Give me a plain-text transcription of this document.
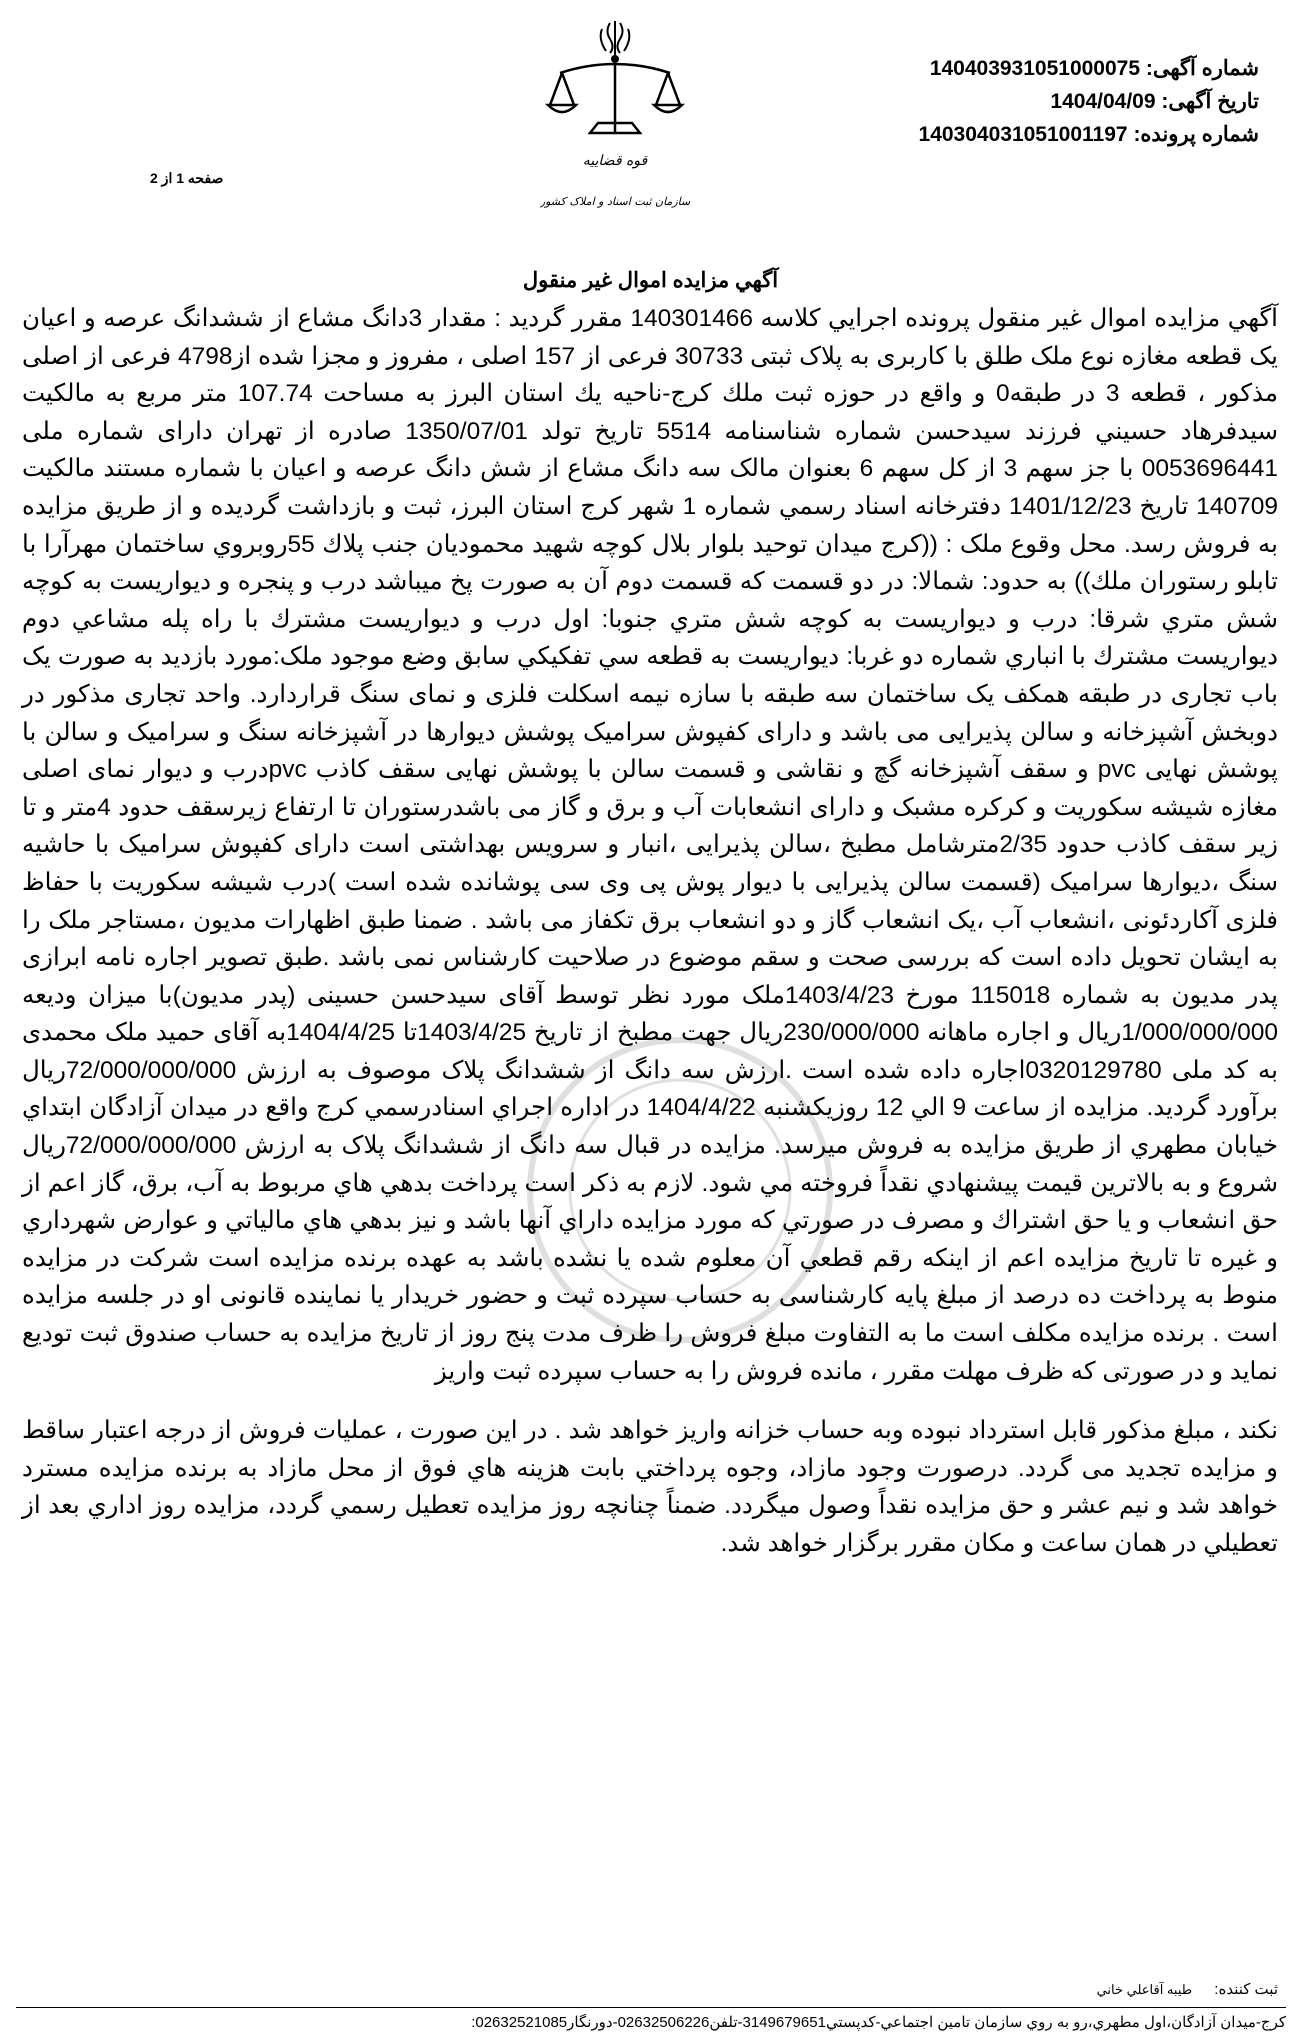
شماره آگهی: 140403931051000075
تاریخ آگهی: 1404/04/09
شماره پرونده: 140304031051001197
صفحه 1 از 2
قوه قضاییه
سازمان ثبت اسناد و املاک کشور
آگهي مزايده اموال غير منقول

آگهي مزايده اموال غير منقول پرونده اجرايي كلاسه 140301466 مقرر گرديد : مقدار 3دانگ مشاع از ششدانگ عرصه و اعيان يک قطعه مغازه نوع ملک طلق با کاربری به پلاک ثبتی 30733 فرعی از 157 اصلی ، مفروز و مجزا شده از4798 فرعی از اصلی مذکور ، قطعه 3 در طبقه0 و واقع در حوزه ثبت ملك كرج-ناحيه يك استان البرز به مساحت 107.74 متر مربع به مالكيت سيدفرهاد حسيني فرزند سيدحسن شماره شناسنامه 5514 تاريخ تولد 1350/07/01 صادره از تهران دارای شماره ملی 0053696441 با جز سهم 3 از کل سهم 6 بعنوان مالک سه دانگ مشاع از شش دانگ عرصه و اعيان با شماره مستند مالكيت 140709 تاريخ 1401/12/23 دفترخانه اسناد رسمي شماره 1 شهر كرج استان البرز، ثبت و بازداشت گرديده و از طريق مزايده به فروش رسد. محل وقوع ملک : ((کرج ميدان توحيد بلوار بلال كوچه شهيد محموديان جنب پلاك 55روبروي ساختمان مهرآرا با تابلو رستوران ملك)) به حدود: شمالا: در دو قسمت كه قسمت دوم آن به صورت پخ ميباشد درب و پنجره و ديواريست به كوچه شش متري شرقا: درب و ديواريست به كوچه شش متري جنوبا: اول درب و ديواريست مشترك با راه پله مشاعي دوم ديواريست مشترك با انباري شماره دو غربا: ديواريست به قطعه سي تفكيكي سابق وضع موجود ملک:مورد بازديد به صورت يک باب تجاری در طبقه همکف يک ساختمان سه طبقه با سازه نيمه اسکلت فلزی و نمای سنگ قراردارد. واحد تجاری مذکور در دوبخش آشپزخانه و سالن پذيرايی می باشد و دارای کفپوش سراميک پوشش ديوارها در آشپزخانه سنگ و سراميک و سالن با پوشش نهايی pvc و سقف آشپزخانه گچ و نقاشی و قسمت سالن با پوشش نهايی سقف کاذب pvcدرب و ديوار نمای اصلی مغازه شيشه سکوريت و کرکره مشبک و دارای انشعابات آب و برق و گاز می باشدرستوران تا ارتفاع زيرسقف حدود 4متر و تا زير سقف کاذب حدود 2/35مترشامل مطبخ ،سالن پذيرايی ،انبار و سرويس بهداشتی است دارای کفپوش سراميک با حاشيه سنگ ،ديوارها سراميک (قسمت سالن پذيرايی با ديوار پوش پی وی سی پوشانده شده است )درب شيشه سکوريت با حفاظ فلزی آکاردئونی ،انشعاب آب ،يک انشعاب گاز و دو انشعاب برق تکفاز می باشد . ضمنا طبق اظهارات مديون ،مستاجر ملک را به ايشان تحويل داده است که بررسی صحت و سقم موضوع در صلاحيت کارشناس نمی باشد .طبق تصوير اجاره نامه ابرازی پدر مديون به شماره 115018 مورخ 1403/4/23ملک مورد نظر توسط آقای سيدحسن حسينی (پدر مديون)با ميزان وديعه 1/000/000/000ريال و اجاره ماهانه 230/000/000ريال جهت مطبخ از تاريخ 1403/4/25تا 1404/4/25به آقای حميد ملک محمدی به کد ملی 0320129780اجاره داده شده است .ارزش سه دانگ از ششدانگ پلاک موصوف به ارزش 72/000/000/000ريال برآورد گرديد. مزايده از ساعت 9 الي 12 روزيکشنبه 1404/4/22 در اداره اجراي اسنادرسمي كرج واقع در ميدان آزادگان ابتداي خيابان مطهري از طريق مزايده به فروش ميرسد. مزايده در قبال سه دانگ از ششدانگ پلاک به ارزش 72/000/000/000ريال شروع و به بالاترين قيمت پيشنهادي نقداً فروخته مي شود. لازم به ذكر است پرداخت بدهي هاي مربوط به آب، برق، گاز اعم از حق انشعاب و يا حق اشتراك و مصرف در صورتي كه مورد مزايده داراي آنها باشد و نيز بدهي هاي مالياتي و عوارض شهرداري و غيره تا تاريخ مزايده اعم از اينكه رقم قطعي آن معلوم شده يا نشده باشد به عهده برنده مزايده است شرکت در مزايده منوط به پرداخت ده درصد از مبلغ پایه کارشناسی به حساب سپرده ثبت و حضور خريدار يا نماينده قانونی او در جلسه مزايده است . برنده مزايده مکلف است ما به التفاوت مبلغ فروش را ظرف مدت پنج روز از تاريخ مزايده به حساب صندوق ثبت توديع نمايد و در صورتی که ظرف مهلت مقرر ، مانده فروش را به حساب سپرده ثبت واريز

نکند ، مبلغ مذکور قابل استرداد نبوده وبه حساب خزانه واريز خواهد شد . در اين صورت ، عمليات فروش از درجه اعتبار ساقط و مزايده تجديد می گردد. درصورت وجود مازاد، وجوه پرداختي بابت هزينه هاي فوق از محل مازاد به برنده مزايده مسترد خواهد شد و نيم عشر و حق مزايده نقداً وصول ميگردد. ضمناً چنانچه روز مزايده تعطيل رسمي گردد، مزايده روز اداري بعد از تعطيلي در همان ساعت و مكان مقرر برگزار خواهد شد.

ثبت کننده: طيبه آقاعلي خاني
كرج-ميدان آزادگان،اول مطهري،رو به روي سازمان تامين اجتماعي-كدپستي3149679651-تلفن02632506226-دورنگار02632521085:
